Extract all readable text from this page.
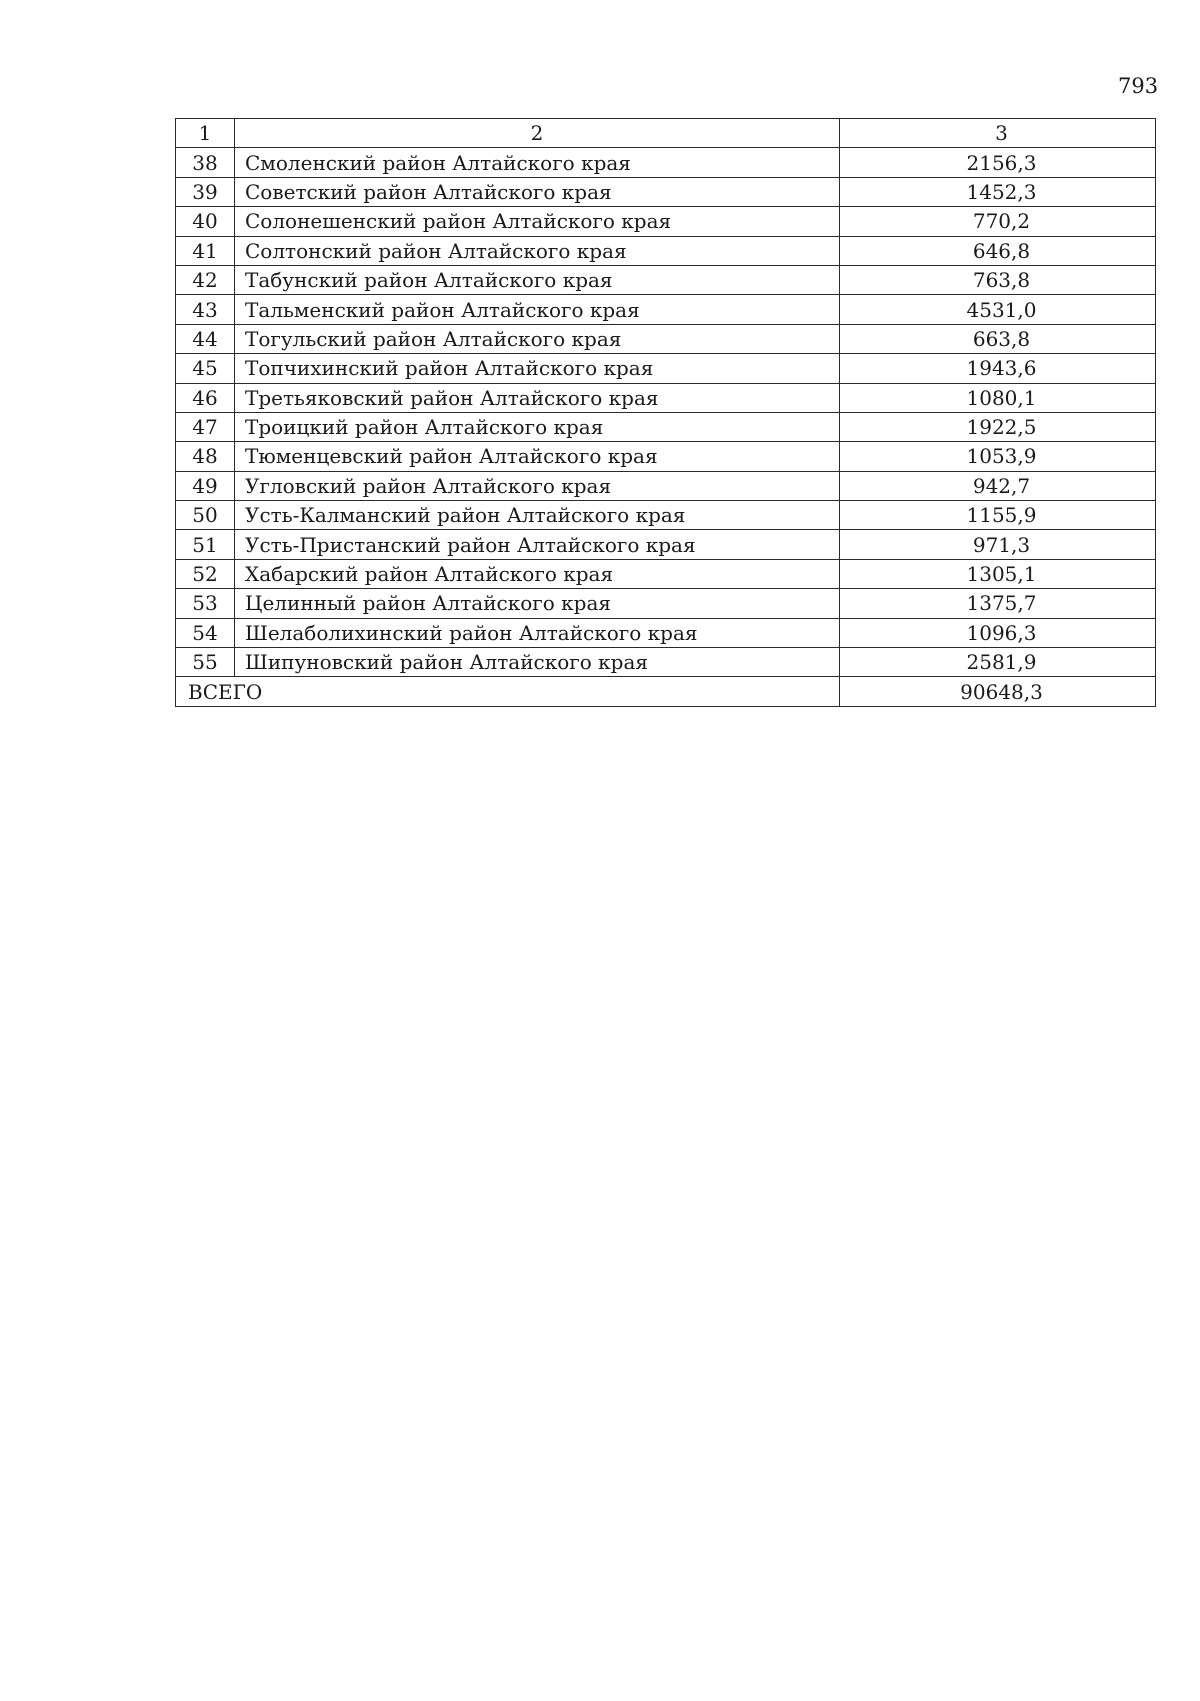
793
1	2	3
38	Смоленский район Алтайского края	2156,3
39	Советский район Алтайского края	1452,3
40	Солонешенский район Алтайского края	770,2
41	Солтонский район Алтайского края	646,8
42	Табунский район Алтайского края	763,8
43	Тальменский район Алтайского края	4531,0
44	Тогульский район Алтайского края	663,8
45	Топчихинский район Алтайского края	1943,6
46	Третьяковский район Алтайского края	1080,1
47	Троицкий район Алтайского края	1922,5
48	Тюменцевский район Алтайского края	1053,9
49	Угловский район Алтайского края	942,7
50	Усть-Калманский район Алтайского края	1155,9
51	Усть-Пристанский район Алтайского края	971,3
52	Хабарский район Алтайского края	1305,1
53	Целинный район Алтайского края	1375,7
54	Шелаболихинский район Алтайского края	1096,3
55	Шипуновский район Алтайского края	2581,9
ВСЕГО		90648,3
